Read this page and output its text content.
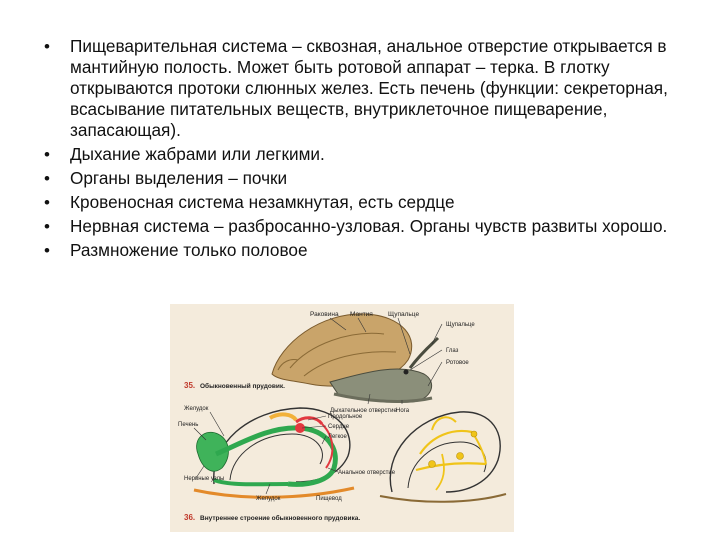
•	Пищеварительная система – сквозная, анальное отверстие открывается в мантийную полость. Может быть ротовой аппарат – терка. В глотку открываются протоки слюнных желез. Есть печень (функции: секреторная, всасывание питательных веществ, внутриклеточное пищеварение, запасающая).
•	Дыхание жабрами или легкими.
•	Органы выделения – почки
•	Кровеносная система незамкнутая, есть сердце
•	Нервная система – разбросанно-узловая. Органы чувств развиты хорошо.
•	Размножение только половое
Раковина Мантия Щупальце
Щупальце
Глаз
Ротовое
Дыхательное отверстие Нога
35. Обыкновенный прудовик.
Желудок
Печень
Продольное
Сердце
Легкое
Анальное отверстие
Нервные узлы
Желудок	Пищевод
36. Внутреннее строение обыкновенного прудовика.
